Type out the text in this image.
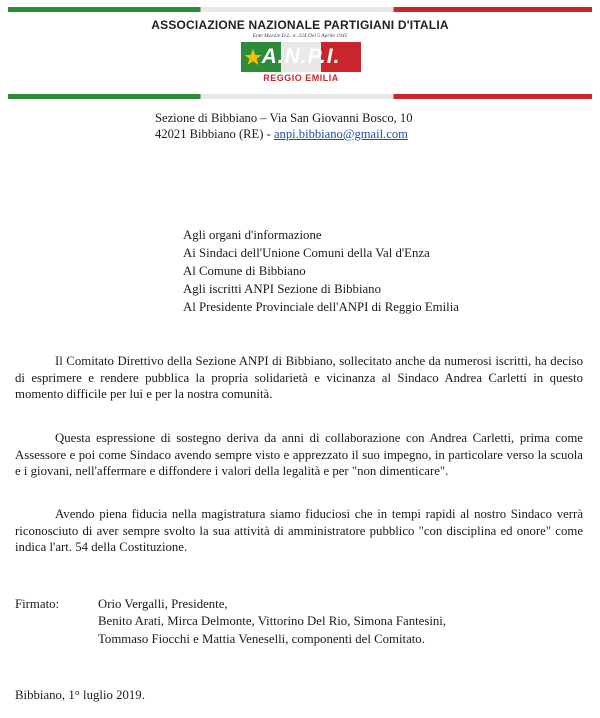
ASSOCIAZIONE NAZIONALE PARTIGIANI D'ITALIA
Ente Morale D.L. n. 224 Del 5 Aprile 1945
A.N.P.I.
REGGIO EMILIA
Sezione di Bibbiano – Via San Giovanni Bosco, 10
42021 Bibbiano (RE) - anpi.bibbiano@gmail.com
Agli organi d'informazione
Ai Sindaci dell'Unione Comuni della Val d'Enza
Al Comune di Bibbiano
Agli iscritti ANPI Sezione di Bibbiano
Al Presidente Provinciale dell'ANPI di Reggio Emilia
Il Comitato Direttivo della Sezione ANPI di Bibbiano, sollecitato anche da numerosi iscritti, ha deciso di esprimere e rendere pubblica la propria solidarietà e vicinanza al Sindaco Andrea Carletti in questo momento difficile per lui e per la nostra comunità.
Questa espressione di sostegno deriva da anni di collaborazione con Andrea Carletti, prima come Assessore e poi come Sindaco avendo sempre visto e apprezzato il suo impegno, in particolare verso la scuola e i giovani, nell'affermare e diffondere i valori della legalità e per "non dimenticare".
Avendo piena fiducia nella magistratura siamo fiduciosi che in tempi rapidi al nostro Sindaco verrà riconosciuto di aver sempre svolto la sua attività di amministratore pubblico "con disciplina ed onore" come indica l'art. 54 della Costituzione.
Firmato:	Orio Vergalli, Presidente,
Benito Arati, Mirca Delmonte, Vittorino Del Rio, Simona Fantesini,
Tommaso Fiocchi e Mattia Veneselli, componenti del Comitato.
Bibbiano, 1° luglio 2019.
